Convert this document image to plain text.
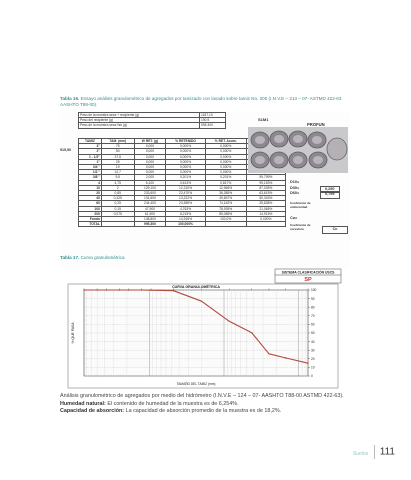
Tabla 16. Ensayo análisis granulométrico de agregados por tamizado con lavado sobre tamiz No. 200 (I.N.V.E – 213 – 07- ASTMD 422-63 AASHTO T88-00).
Peso de la muestra seca + recipiente (g)	1187,10
Peso del recipiente (g)	190,9
Peso de la muestra seca Wo (g)	995,300
S1M1
PROFUN
915,50
TAMIZ	TAM. (mm)	W RET. (g)	% RETENIDO	% RET. Acum.	
3"	75	0,000	0,000%	0,000%	
2"	50	0,000	0,000%	0,000%	
1 - 1/2"	37,5	0,000	0,000%	0,000%	
1"	25	0,000	0,000%	0,000%	
3/4 "	19	0,000	0,000%	0,000%	
1/2 "	12,7	0,000	0,000%	0,000%	
3/8 "	9,5	2,000	0,201%	0,201%	99,799%
4	4,75	6,100	0,613%	0,817%	99,183%
10	2	129,100	12,210%	12,965%	87,035%
20	0,85	233,600	23,470%	36,385%	63,615%
40	0,425	131,600	13,222%	49,657%	50,343%
60	0,25	244,400	24,555%	74,162%	25,838%
100	0,15	47,900	4,763%	78,935%	21,065%
200	0,075	61,900	6,219%	85,085%	14,915%
Fondo		148,800	14,915%	100,0%	0,000%
TOTAL		995,300	100,000%		
D10=
D30=	0,290
D60=	0,759
Coeficiente de uniformidad
Cu=
Coeficiente de curvatura	Cc
Tabla 17. Curva granulométrica
SISTEMA CLASIFICACIÓN USCS
SP
CURVA GRANULOMÉTRICA
% QUE PASA
TAMAÑO DEL TAMIZ (mm)
0
10
20
30
40
50
60
70
80
90
100
Análisis granulométrico de agregados por medio del hidrómetro (I.N.V.E – 124 – 07- AASHTO T88-00 ASTMD 422-63).
Humedad natural: El contenido de humedad de la muestra es de 6,254%.
Capacidad de absorción: La capacidad de absorción promedio de la muestra es de 18,2%.
Suelos 111
